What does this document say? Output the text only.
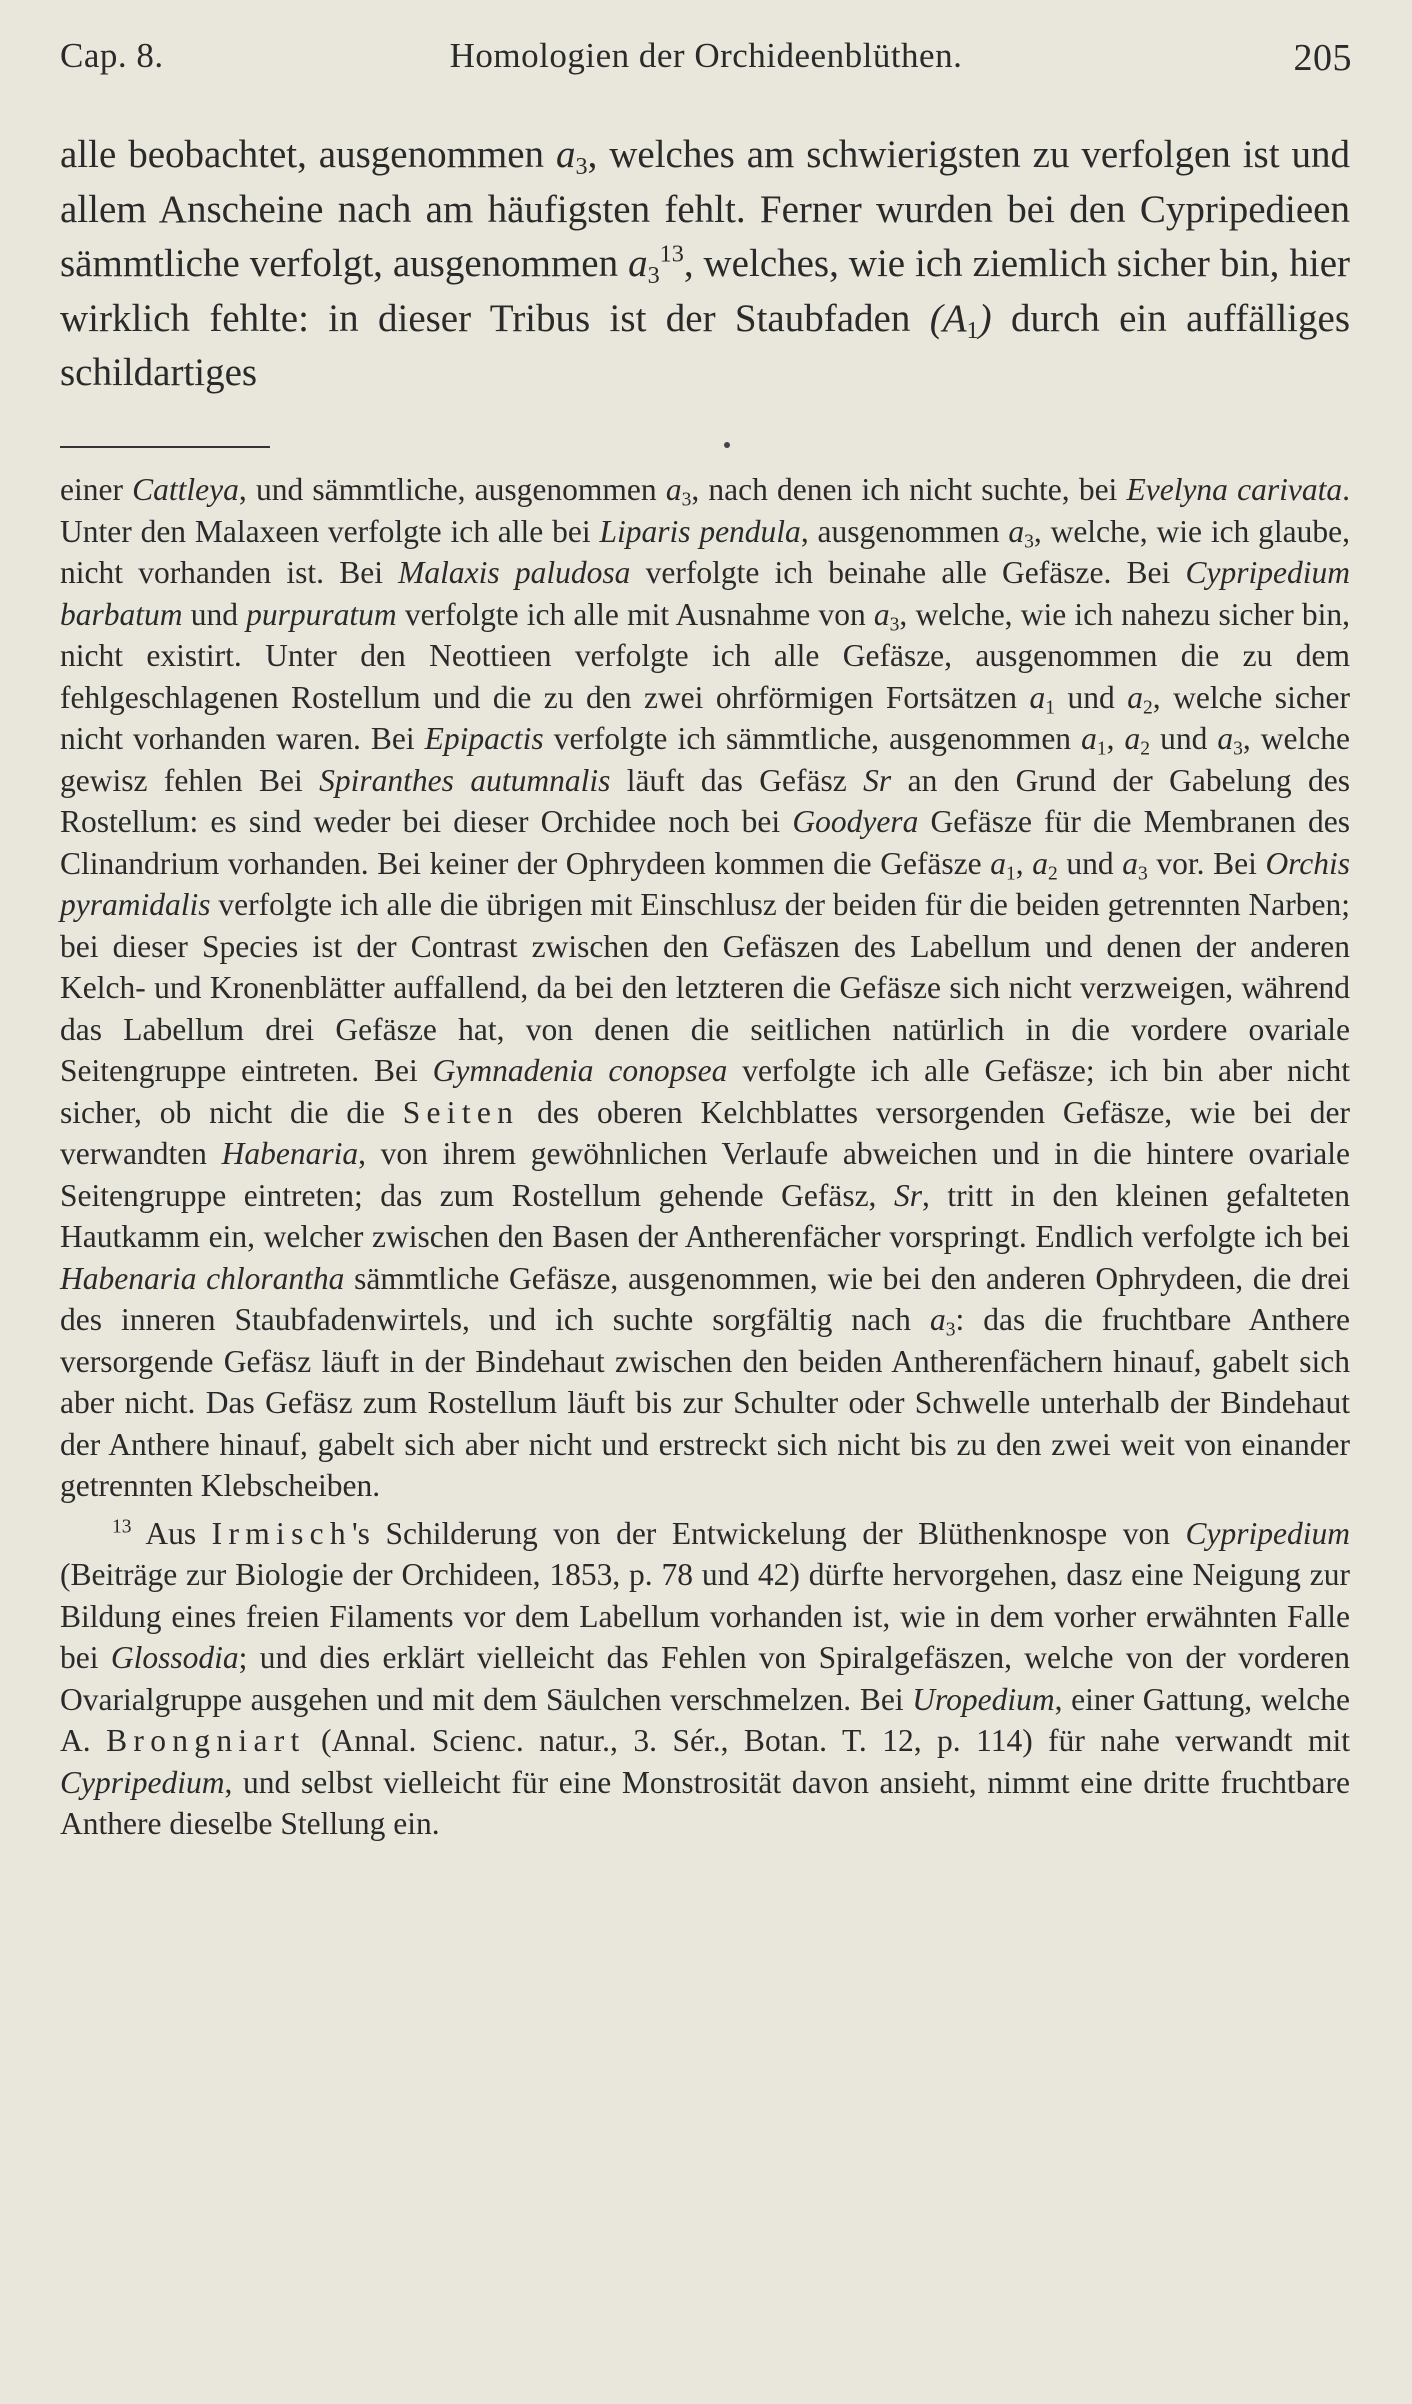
Cap. 8.	Homologien der Orchideenblüthen.	205

alle beobachtet, ausgenommen $a_3$, welches am schwierigsten zu verfolgen ist und allem Anscheine nach am häufigsten fehlt. Ferner wurden bei den Cypripedieen sämmtliche verfolgt, ausgenommen $a_3^{13}$, welches, wie ich ziemlich sicher bin, hier wirklich fehlte: in dieser Tribus ist der Staubfaden $(A_1)$ durch ein auffälliges schildartiges

einer Cattleya, und sämmtliche, ausgenommen $a_3$, nach denen ich nicht suchte, bei Evelyna carivata. Unter den Malaxeen verfolgte ich alle bei Liparis pendula, ausgenommen $a_3$, welche, wie ich glaube, nicht vorhanden ist. Bei Malaxis paludosa verfolgte ich beinahe alle Gefäsze. Bei Cypripedium barbatum und purpuratum verfolgte ich alle mit Ausnahme von $a_3$, welche, wie ich nahezu sicher bin, nicht existirt. Unter den Neottieen verfolgte ich alle Gefäsze, ausgenommen die zu dem fehlgeschlagenen Rostellum und die zu den zwei ohrförmigen Fortsätzen $a_1$ und $a_2$, welche sicher nicht vorhanden waren. Bei Epipactis verfolgte ich sämmtliche, ausgenommen $a_1$, $a_2$ und $a_3$, welche gewisz fehlen Bei Spiranthes autumnalis läuft das Gefäsz Sr an den Grund der Gabelung des Rostellum: es sind weder bei dieser Orchidee noch bei Goodyera Gefäsze für die Membranen des Clinandrium vorhanden. Bei keiner der Ophrydeen kommen die Gefäsze $a_1$, $a_2$ und $a_3$ vor. Bei Orchis pyramidalis verfolgte ich alle die übrigen mit Einschlusz der beiden für die beiden getrennten Narben; bei dieser Species ist der Contrast zwischen den Gefäszen des Labellum und denen der anderen Kelch- und Kronenblätter auffallend, da bei den letzteren die Gefäsze sich nicht verzweigen, während das Labellum drei Gefäsze hat, von denen die seitlichen natürlich in die vordere ovariale Seitengruppe eintreten. Bei Gymnadenia conopsea verfolgte ich alle Gefäsze; ich bin aber nicht sicher, ob nicht die die Seiten des oberen Kelchblattes versorgenden Gefäsze, wie bei der verwandten Habenaria, von ihrem gewöhnlichen Verlaufe abweichen und in die hintere ovariale Seitengruppe eintreten; das zum Rostellum gehende Gefäsz, Sr, tritt in den kleinen gefalteten Hautkamm ein, welcher zwischen den Basen der Antherenfächer vorspringt. Endlich verfolgte ich bei Habenaria chlorantha sämmtliche Gefäsze, ausgenommen, wie bei den anderen Ophrydeen, die drei des inneren Staubfadenwirtels, und ich suchte sorgfältig nach $a_3$: das die fruchtbare Anthere versorgende Gefäsz läuft in der Bindehaut zwischen den beiden Antherenfächern hinauf, gabelt sich aber nicht. Das Gefäsz zum Rostellum läuft bis zur Schulter oder Schwelle unterhalb der Bindehaut der Anthere hinauf, gabelt sich aber nicht und erstreckt sich nicht bis zu den zwei weit von einander getrennten Klebscheiben.

$^{13}$ Aus Irmisch's Schilderung von der Entwickelung der Blüthenknospe von Cypripedium (Beiträge zur Biologie der Orchideen, 1853, p. 78 und 42) dürfte hervorgehen, dasz eine Neigung zur Bildung eines freien Filaments vor dem Labellum vorhanden ist, wie in dem vorher erwähnten Falle bei Glossodia; und dies erklärt vielleicht das Fehlen von Spiralgefäszen, welche von der vorderen Ovarialgruppe ausgehen und mit dem Säulchen verschmelzen. Bei Uropedium, einer Gattung, welche A. Brongniart (Annal. Scienc. natur., 3. Sér., Botan. T. 12, p. 114) für nahe verwandt mit Cypripedium, und selbst vielleicht für eine Monstrosität davon ansieht, nimmt eine dritte fruchtbare Anthere dieselbe Stellung ein.
